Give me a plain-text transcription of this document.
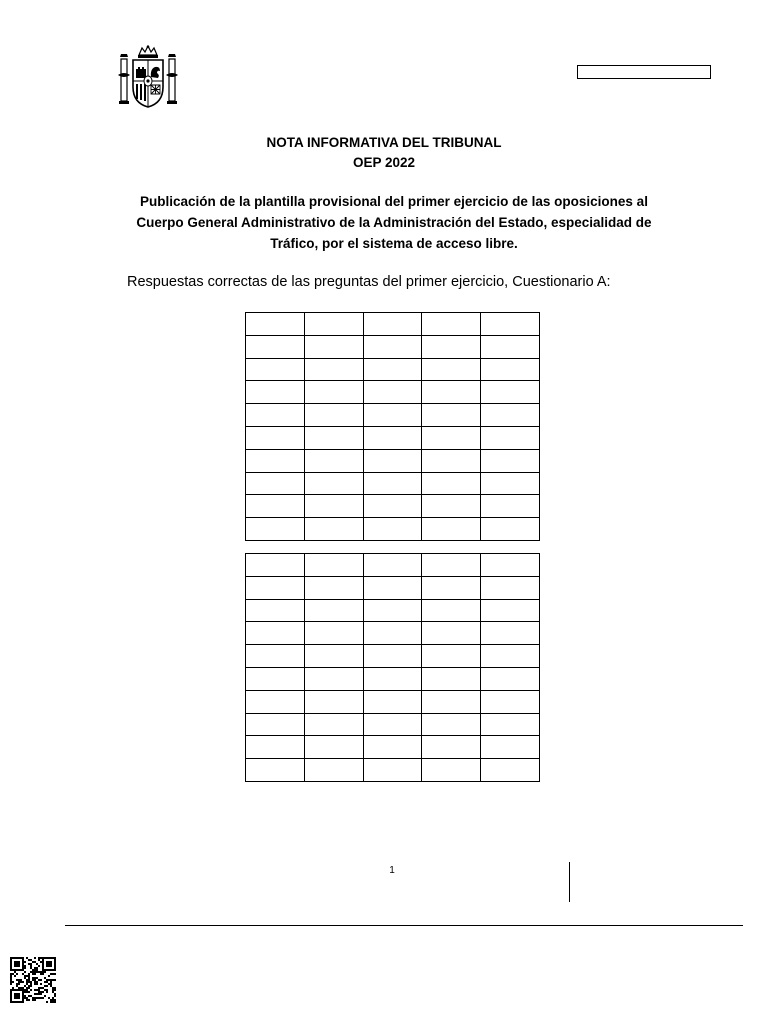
NOTA INFORMATIVA DEL TRIBUNAL
OEP 2022
Publicación de la plantilla provisional del primer ejercicio de las oposiciones al Cuerpo General Administrativo de la Administración del Estado, especialidad de Tráfico, por el sistema de acceso libre.
Respuestas correctas de las preguntas del primer ejercicio, Cuestionario A:

1
